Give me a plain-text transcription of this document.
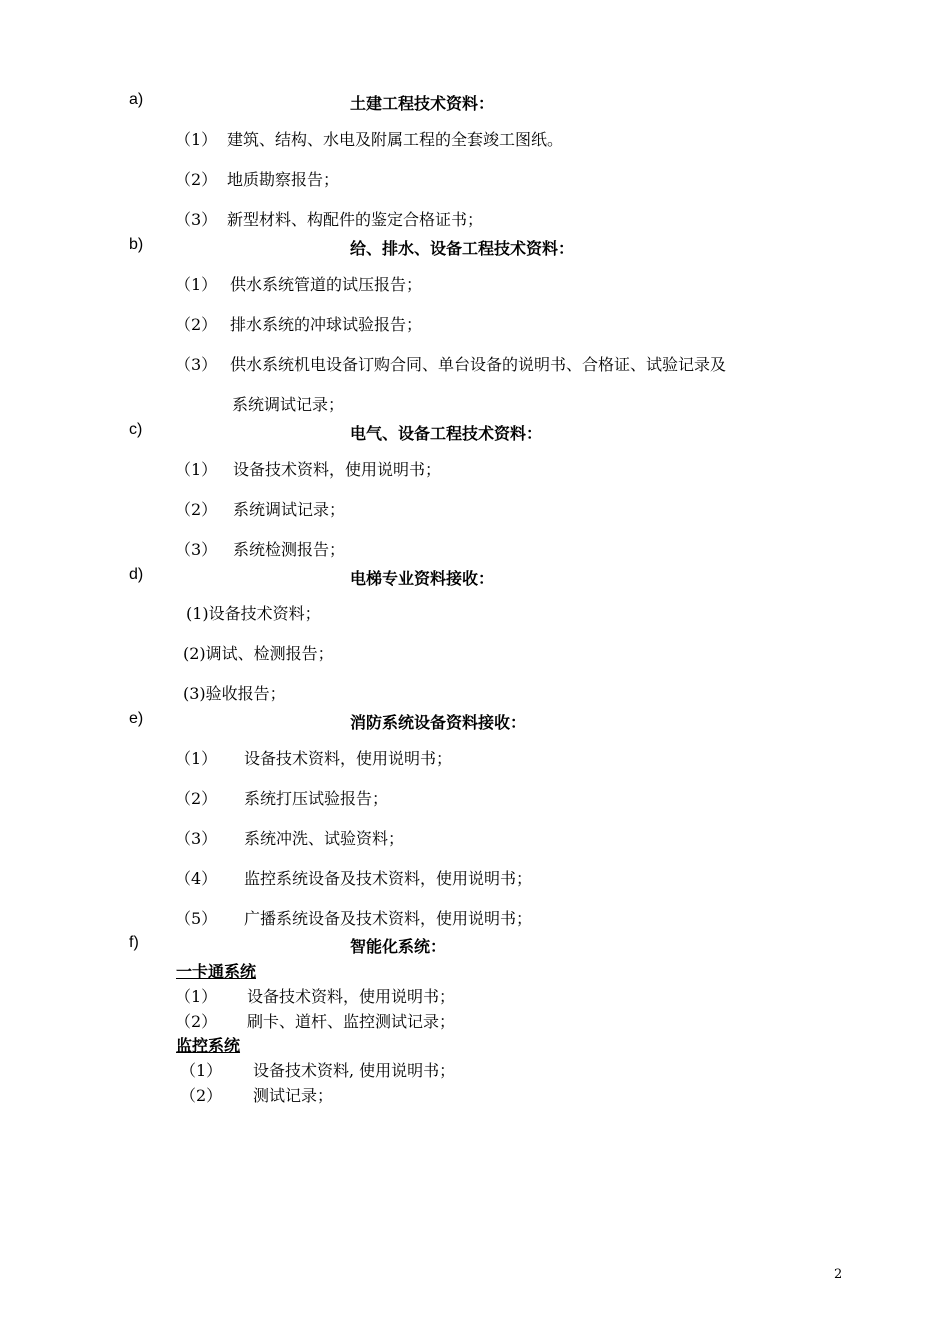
a)	土建工程技术资料：
（1） 建筑、结构、水电及附属工程的全套竣工图纸。
（2） 地质勘察报告；
（3） 新型材料、构配件的鉴定合格证书；
b)	给、排水、设备工程技术资料：
（1） 供水系统管道的试压报告；
（2） 排水系统的冲球试验报告；
（3） 供水系统机电设备订购合同、单台设备的说明书、合格证、试验记录及
系统调试记录；
c)	电气、设备工程技术资料：
（1） 设备技术资料，使用说明书；
（2） 系统调试记录；
（3） 系统检测报告；
d)	电梯专业资料接收：
(1)设备技术资料；
(2)调试、检测报告；
(3)验收报告；
e)	消防系统设备资料接收：
（1） 设备技术资料，使用说明书；
（2） 系统打压试验报告；
（3） 系统冲洗、试验资料；
（4） 监控系统设备及技术资料，使用说明书；
（5） 广播系统设备及技术资料，使用说明书；
f)	智能化系统：
一卡通系统
（1） 设备技术资料，使用说明书；
（2） 刷卡、道杆、监控测试记录；
监控系统
（1） 设备技术资料, 使用说明书；
（2） 测试记录；
2
